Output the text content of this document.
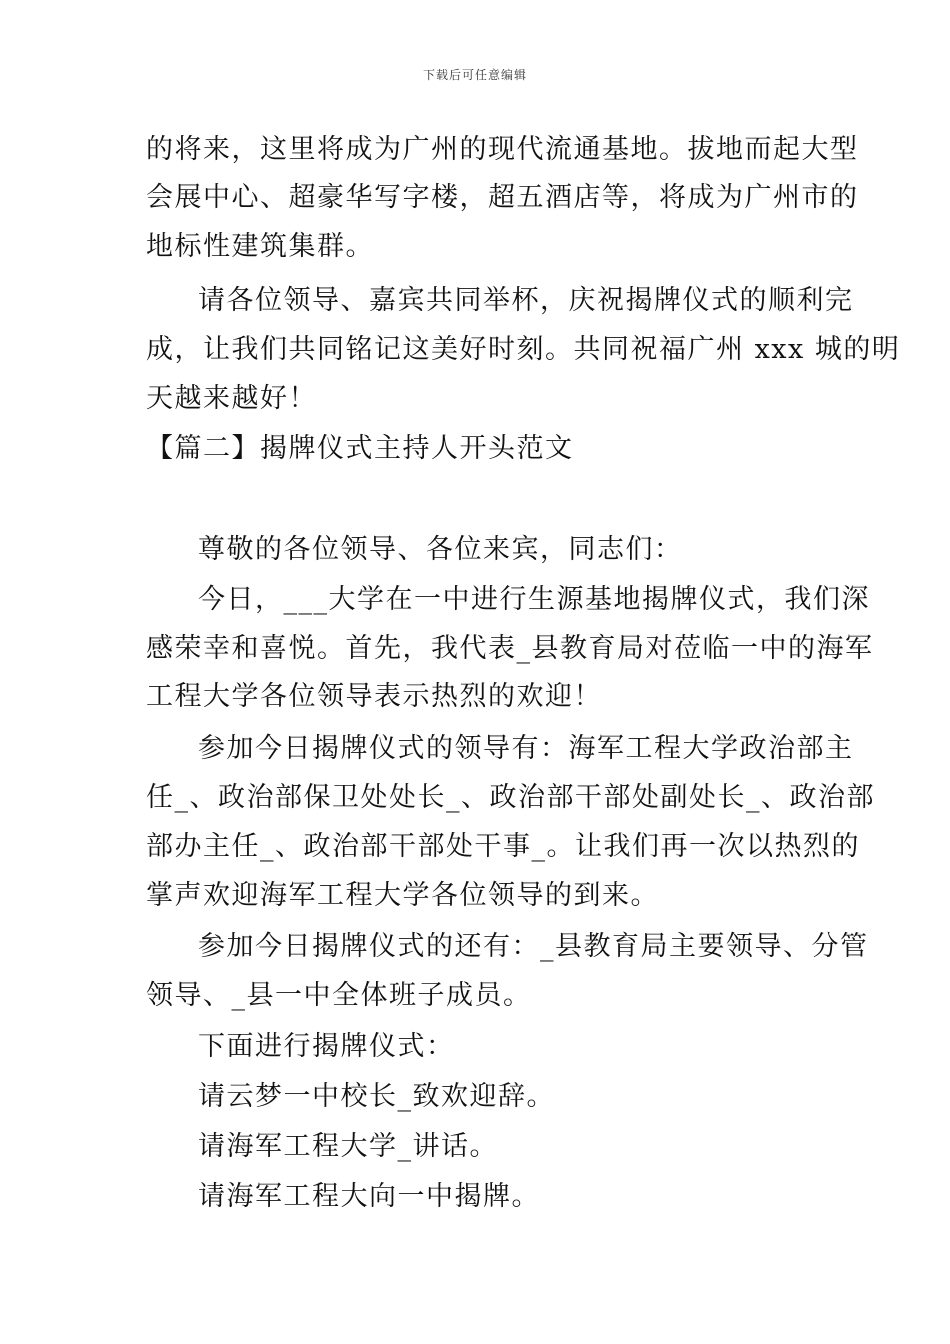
下载后可任意编辑
的将来，这里将成为广州的现代流通基地。拔地而起大型
会展中心、超豪华写字楼，超五酒店等，将成为广州市的
地标性建筑集群。
请各位领导、嘉宾共同举杯，庆祝揭牌仪式的顺利完
成，让我们共同铭记这美好时刻。共同祝福广州 xxx 城的明
天越来越好！
【篇二】揭牌仪式主持人开头范文
尊敬的各位领导、各位来宾，同志们：
今日，___大学在一中进行生源基地揭牌仪式，我们深
感荣幸和喜悦。首先，我代表_县教育局对莅临一中的海军
工程大学各位领导表示热烈的欢迎！
参加今日揭牌仪式的领导有：海军工程大学政治部主
任_、政治部保卫处处长_、政治部干部处副处长_、政治部
部办主任_、政治部干部处干事_。让我们再一次以热烈的
掌声欢迎海军工程大学各位领导的到来。
参加今日揭牌仪式的还有：_县教育局主要领导、分管
领导、_县一中全体班子成员。
下面进行揭牌仪式：
请云梦一中校长_致欢迎辞。
请海军工程大学_讲话。
请海军工程大向一中揭牌。
